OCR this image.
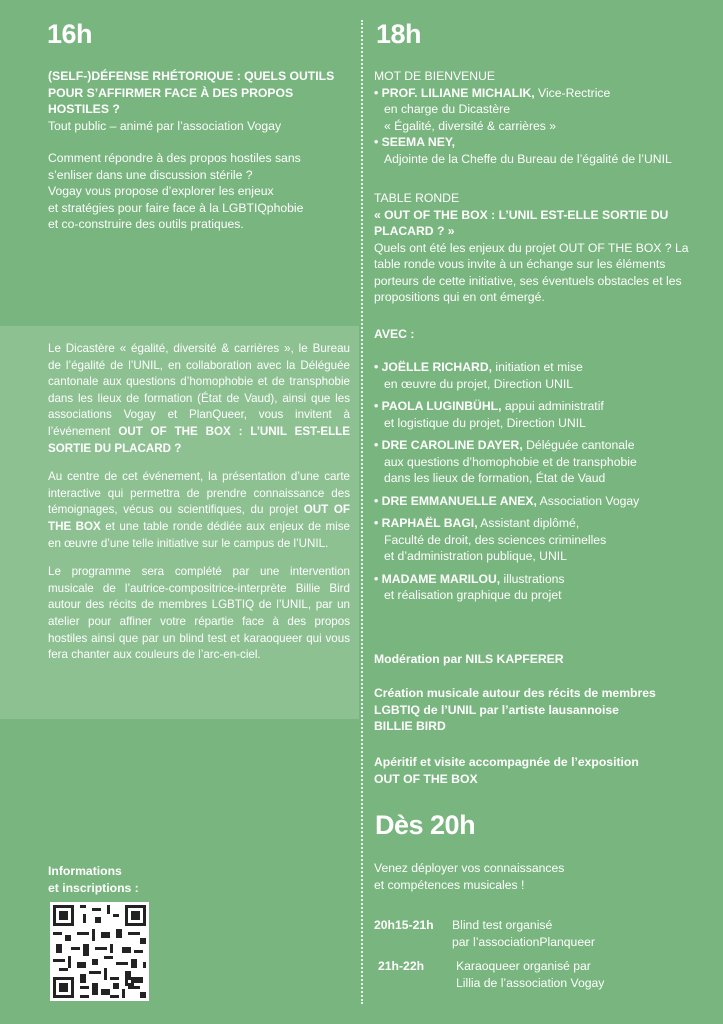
16h
(SELF-)DÉFENSE RHÉTORIQUE : QUELS OUTILS POUR S’AFFIRMER FACE À DES PROPOS HOSTILES ?
Tout public – animé par l’association Vogay
Comment répondre à des propos hostiles sans
s’enliser dans une discussion stérile ?
Vogay vous propose d’explorer les enjeux
et stratégies pour faire face à la LGBTIQphobie
et co-construire des outils pratiques.

Le Dicastère « égalité, diversité & carrières », le Bureau de l’égalité de l’UNIL, en collaboration avec la Déléguée cantonale aux questions d’homophobie et de transphobie dans les lieux de formation (État de Vaud), ainsi que les associations Vogay et PlanQueer, vous invitent à l’événement OUT OF THE BOX : L’UNIL EST-ELLE SORTIE DU PLACARD ?

Au centre de cet événement, la présentation d’une carte interactive qui permettra de prendre connaissance des témoignages, vécus ou scientifiques, du projet OUT OF THE BOX et une table ronde dédiée aux enjeux de mise en œuvre d’une telle initiative sur le campus de l’UNIL.

Le programme sera complété par une intervention musicale de l’autrice-compositrice-interprète Billie Bird autour des récits de membres LGBTIQ de l’UNIL, par un atelier pour affiner votre répartie face à des propos hostiles ainsi que par un blind test et karaoqueer qui vous fera chanter aux couleurs de l’arc-en-ciel.

Informations
et inscriptions :
18h
MOT DE BIENVENUE
• PROF. LILIANE MICHALIK, Vice-Rectrice
en charge du Dicastère
« Égalité, diversité & carrières »
• SEEMA NEY,
Adjointe de la Cheffe du Bureau de l’égalité de l’UNIL
TABLE RONDE
« OUT OF THE BOX : L’UNIL EST-ELLE SORTIE DU PLACARD ? »
Quels ont été les enjeux du projet OUT OF THE BOX ? La table ronde vous invite à un échange sur les éléments porteurs de cette initiative, ses éventuels obstacles et les propositions qui en ont émergé.
AVEC :
• JOËLLE RICHARD, initiation et mise
en œuvre du projet, Direction UNIL
• PAOLA LUGINBÜHL, appui administratif
et logistique du projet, Direction UNIL
• DRE CAROLINE DAYER, Déléguée cantonale
aux questions d’homophobie et de transphobie
dans les lieux de formation, État de Vaud
• DRE EMMANUELLE ANEX, Association Vogay
• RAPHAËL BAGI, Assistant diplômé,
Faculté de droit, des sciences criminelles
et d’administration publique, UNIL
• MADAME MARILOU, illustrations
et réalisation graphique du projet
Modération par NILS KAPFERER
Création musicale autour des récits de membres
LGBTIQ de l’UNIL par l’artiste lausannoise
BILLIE BIRD
Apéritif et visite accompagnée de l’exposition
OUT OF THE BOX
Dès 20h
Venez déployer vos connaissances
et compétences musicales !
20h15-21h	Blind test organisé
par l’associationPlanqueer
21h-22h	Karaoqueer organisé par
Lillia de l’association Vogay
